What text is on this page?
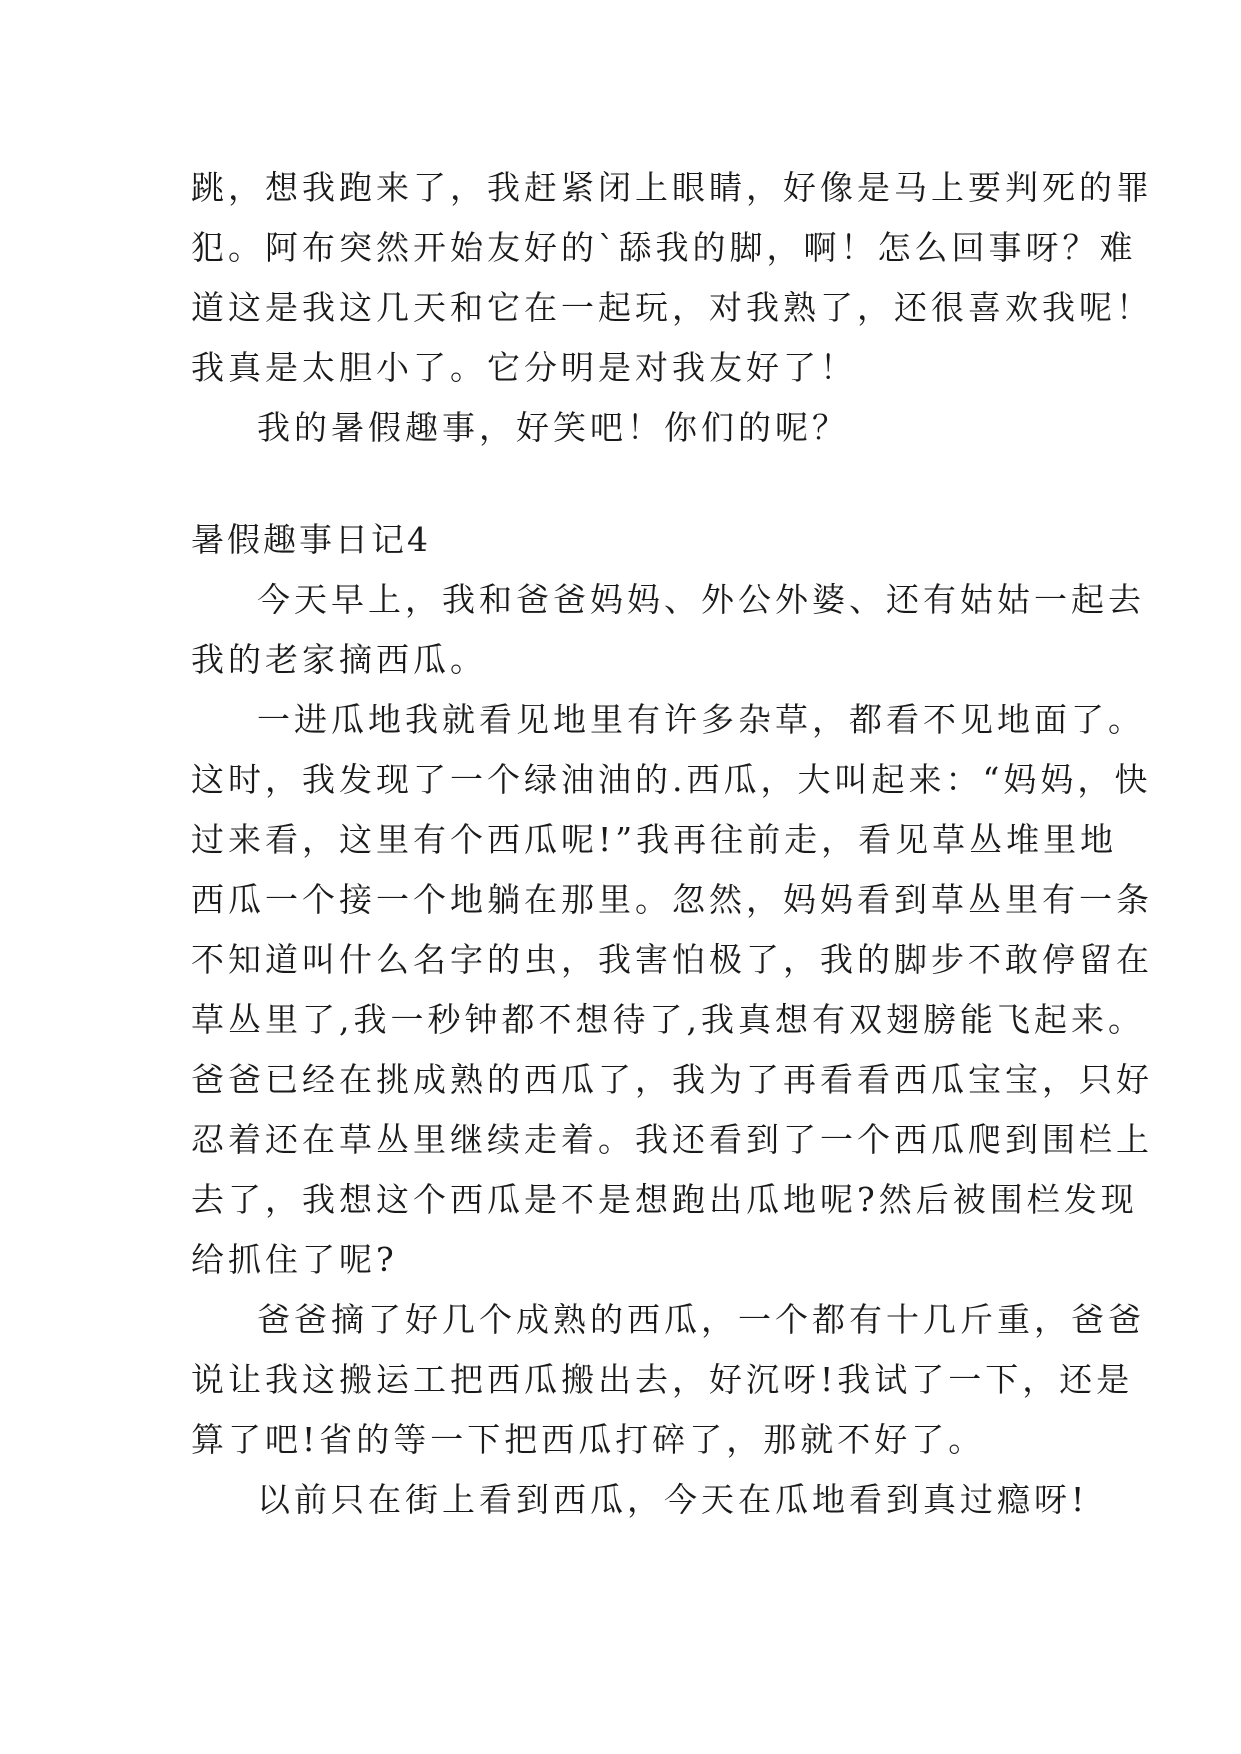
跳，想我跑来了，我赶紧闭上眼睛，好像是马上要判死的罪
犯。阿布突然开始友好的`舔我的脚，啊！怎么回事呀？难
道这是我这几天和它在一起玩，对我熟了，还很喜欢我呢！
我真是太胆小了。它分明是对我友好了！
我的暑假趣事，好笑吧！你们的呢？
暑假趣事日记4
今天早上，我和爸爸妈妈、外公外婆、还有姑姑一起去
我的老家摘西瓜。
一进瓜地我就看见地里有许多杂草，都看不见地面了。
这时，我发现了一个绿油油的.西瓜，大叫起来：“妈妈，快
过来看，这里有个西瓜呢!”我再往前走，看见草丛堆里地
西瓜一个接一个地躺在那里。忽然，妈妈看到草丛里有一条
不知道叫什么名字的虫，我害怕极了，我的脚步不敢停留在
草丛里了,我一秒钟都不想待了,我真想有双翅膀能飞起来。
爸爸已经在挑成熟的西瓜了，我为了再看看西瓜宝宝，只好
忍着还在草丛里继续走着。我还看到了一个西瓜爬到围栏上
去了，我想这个西瓜是不是想跑出瓜地呢?然后被围栏发现
给抓住了呢?
爸爸摘了好几个成熟的西瓜，一个都有十几斤重，爸爸
说让我这搬运工把西瓜搬出去，好沉呀!我试了一下，还是
算了吧!省的等一下把西瓜打碎了，那就不好了。
以前只在街上看到西瓜，今天在瓜地看到真过瘾呀!
